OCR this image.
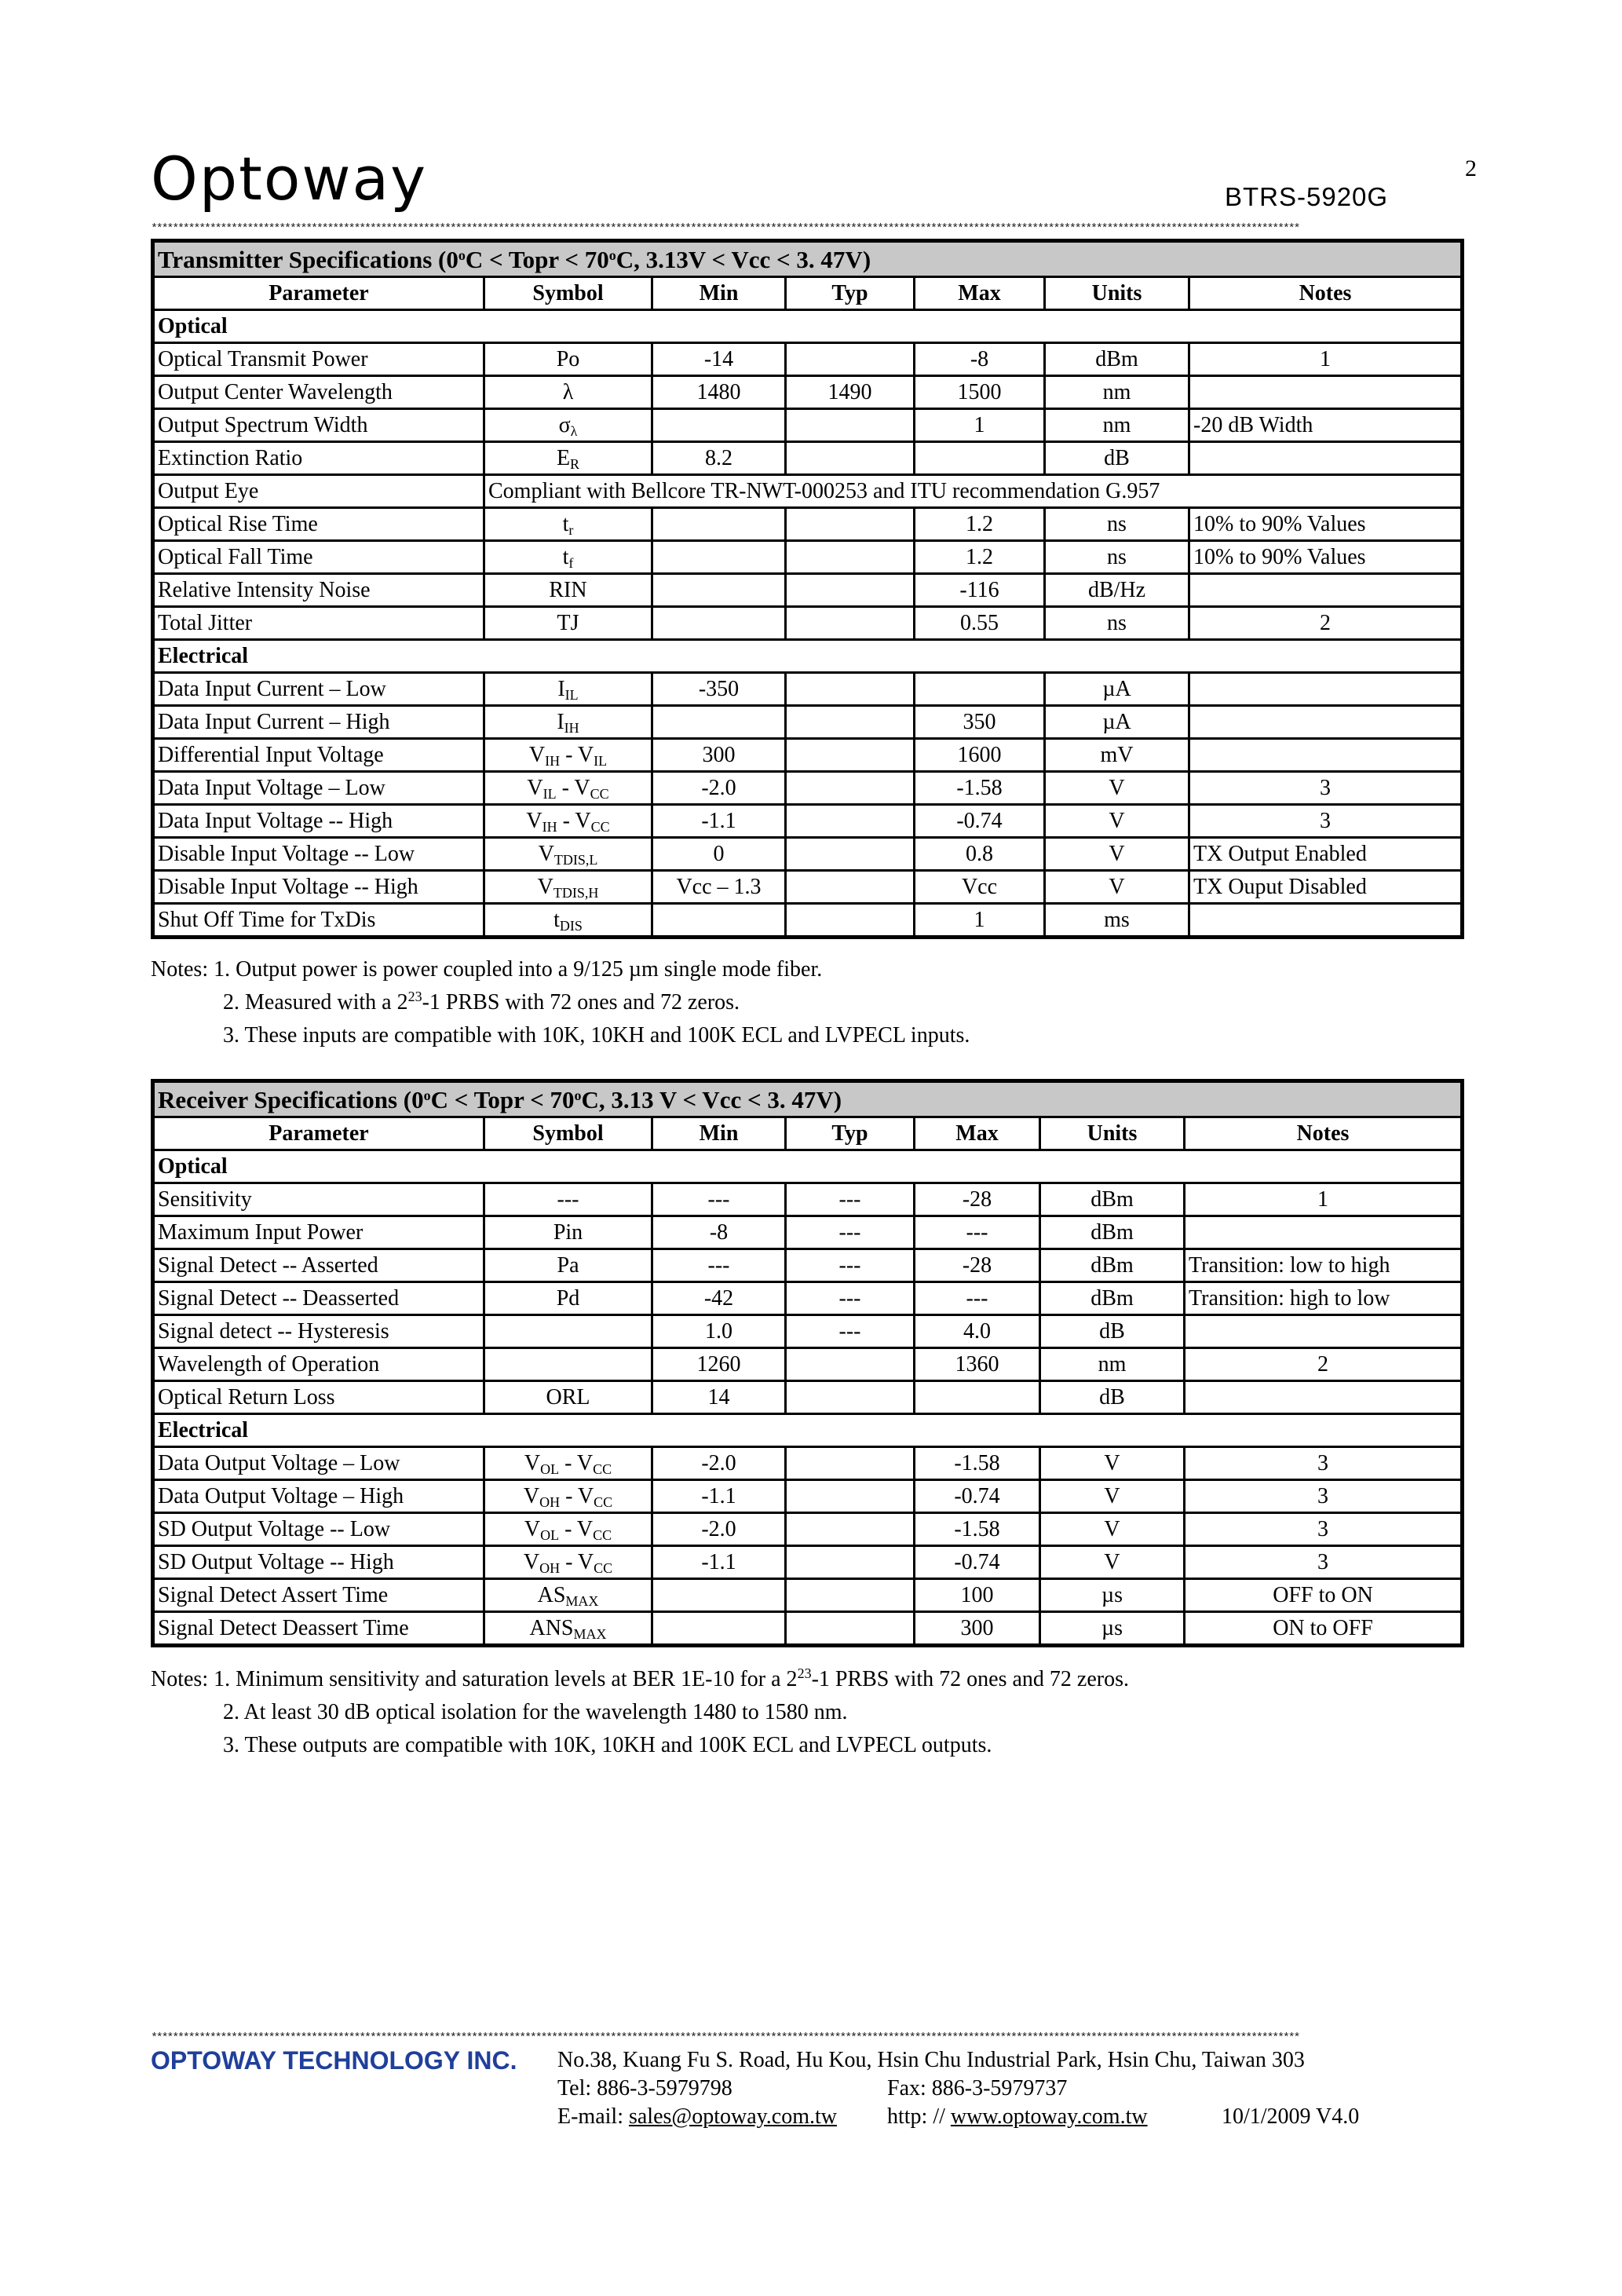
Optoway	BTRS-5920G
2
***********************************************************************************************************************************************************************************************************************
Transmitter Specifications ($0^oC$ < Topr < $70^oC$, 3.13V < Vcc < 3. 47V)						
Parameter	Symbol	Min	Typ	Max	Units	Notes
Optical						
Optical Transmit Power	Po	-14		-8	dBm	1
Output Center Wavelength	λ	1480	1490	1500	nm	
Output Spectrum Width	$\sigma_\lambda$			1	nm	-20 dB Width
Extinction Ratio	$E_R$	8.2			dB	
Output Eye	Compliant with Bellcore TR-NWT-000253 and ITU recommendation G.957					
Optical Rise Time	$t_r$			1.2	ns	10% to 90% Values
Optical Fall Time	$t_f$			1.2	ns	10% to 90% Values
Relative Intensity Noise	RIN			-116	dB/Hz	
Total Jitter	TJ			0.55	ns	2
Electrical						
Data Input Current – Low	$I_{IL}$	-350			µA	
Data Input Current – High	$I_{IH}$			350	µA	
Differential Input Voltage	$V_{IH} - V_{IL}$	300		1600	mV	
Data Input Voltage – Low	$V_{IL} - V_{CC}$	-2.0		-1.58	V	3
Data Input Voltage -- High	$V_{IH} - V_{CC}$	-1.1		-0.74	V	3
Disable Input Voltage -- Low	$V_{TDIS,L}$	0		0.8	V	TX Output Enabled
Disable Input Voltage -- High	$V_{TDIS,H}$	Vcc – 1.3		Vcc	V	TX Ouput Disabled
Shut Off Time for TxDis	$t_{DIS}$			1	ms	
Notes: 1. Output power is power coupled into a 9/125 µm single mode fiber.
2. Measured with a $2^{23}-1$ PRBS with 72 ones and 72 zeros.
3. These inputs are compatible with 10K, 10KH and 100K ECL and LVPECL inputs.
Receiver Specifications ($0^oC$ < Topr < $70^oC$, 3.13 V < Vcc < 3. 47V)						
Parameter	Symbol	Min	Typ	Max	Units	Notes
Optical						
Sensitivity	---	---	---	-28	dBm	1
Maximum Input Power	Pin	-8	---	---	dBm	
Signal Detect -- Asserted	Pa	---	---	-28	dBm	Transition: low to high
Signal Detect -- Deasserted	Pd	-42	---	---	dBm	Transition: high to low
Signal detect -- Hysteresis		1.0	---	4.0	dB	
Wavelength of Operation		1260		1360	nm	2
Optical Return Loss	ORL	14			dB	
Electrical						
Data Output Voltage – Low	$V_{OL} - V_{CC}$	-2.0		-1.58	V	3
Data Output Voltage – High	$V_{OH} - V_{CC}$	-1.1		-0.74	V	3
SD Output Voltage -- Low	$V_{OL} - V_{CC}$	-2.0		-1.58	V	3
SD Output Voltage -- High	$V_{OH} - V_{CC}$	-1.1		-0.74	V	3
Signal Detect Assert Time	$AS_{MAX}$			100	µs	OFF to ON
Signal Detect Deassert Time	$ANS_{MAX}$			300	µs	ON to OFF
Notes: 1. Minimum sensitivity and saturation levels at BER 1E-10 for a $2^{23}-1$ PRBS with 72 ones and 72 zeros.
2. At least 30 dB optical isolation for the wavelength 1480 to 1580 nm.
3. These outputs are compatible with 10K, 10KH and 100K ECL and LVPECL outputs.
***********************************************************************************************************************************************************************************************************************
OPTOWAY TECHNOLOGY INC. No.38, Kuang Fu S. Road, Hu Kou, Hsin Chu Industrial Park, Hsin Chu, Taiwan 303
Tel: 886-3-5979798	Fax: 886-3-5979737
E-mail: sales@optoway.com.tw http: // www.optoway.com.tw	10/1/2009 V4.0
